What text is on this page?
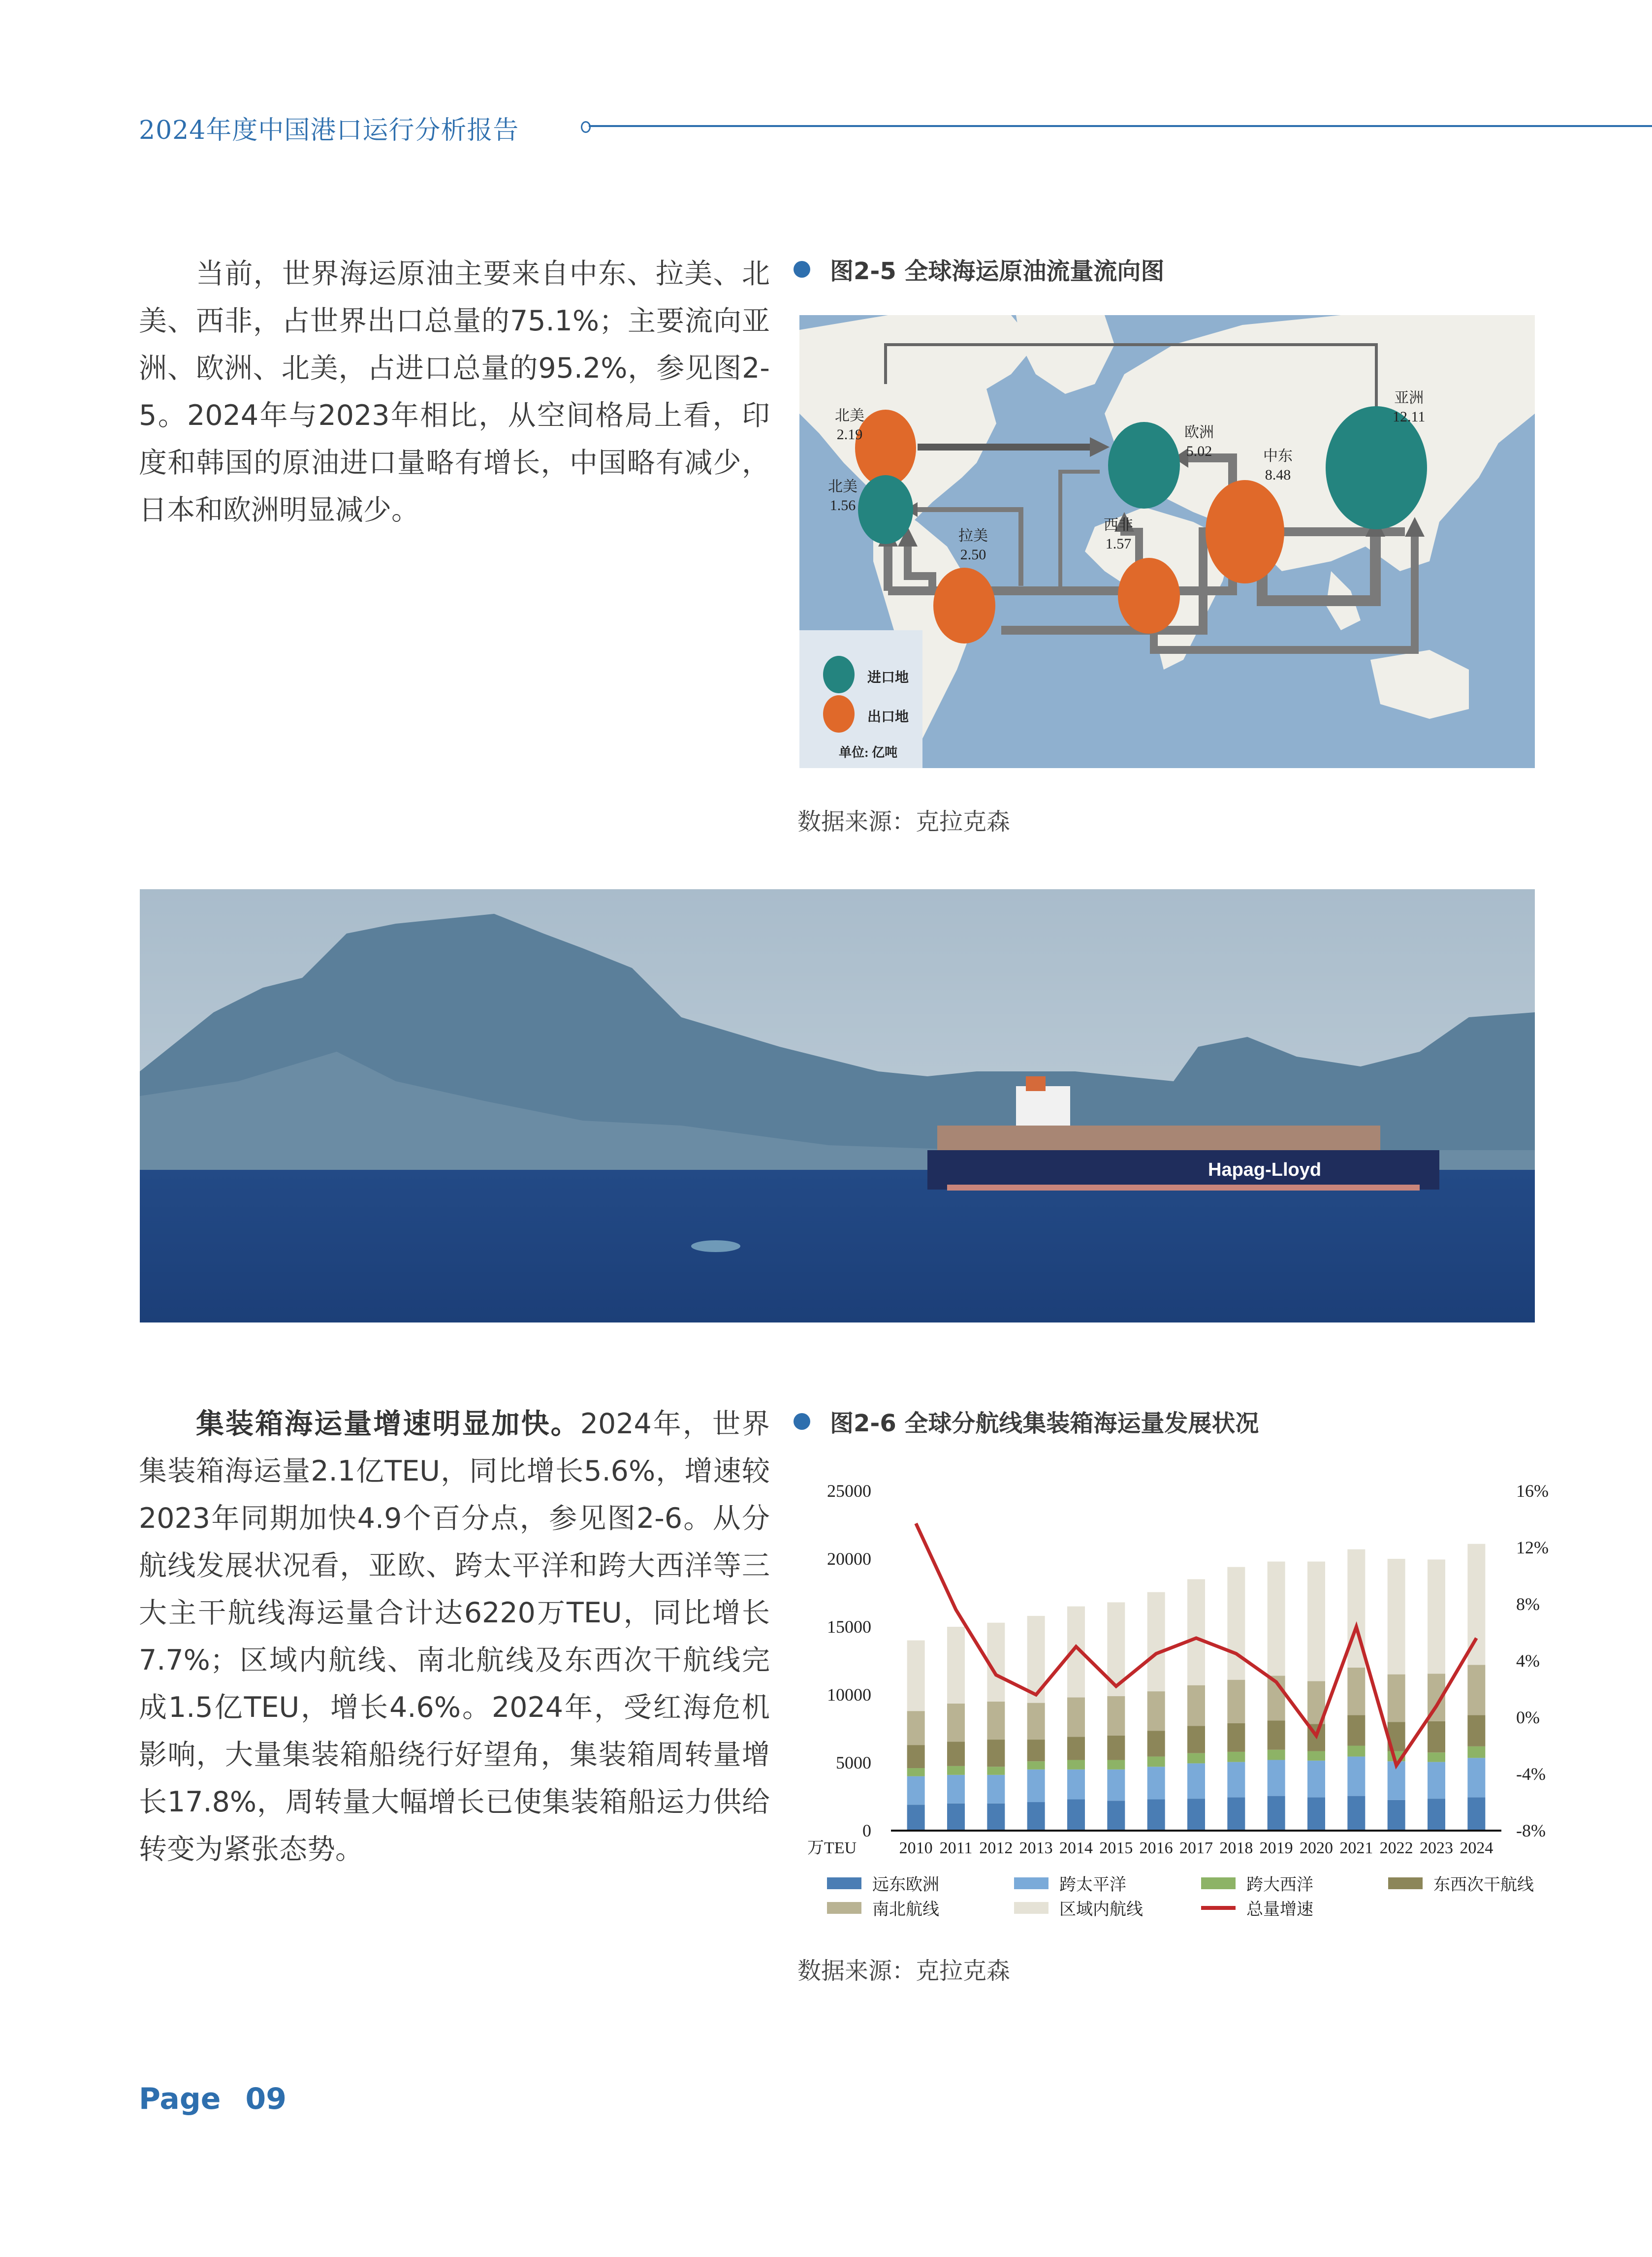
2024年度中国港口运行分析报告
当前，世界海运原油主要来自中东、拉美、北美、西非，占世界出口总量的75.1%；主要流向亚洲、欧洲、北美，占进口总量的95.2%，参见图2-5。2024年与2023年相比，从空间格局上看，印度和韩国的原油进口量略有增长，中国略有减少，日本和欧洲明显减少。
图2-5 全球海运原油流量流向图
北美
2.19
北美
1.56
欧洲
5.02
亚洲
12.11
中东
8.48
西非
1.57
拉美
2.50
进口地
出口地
单位: 亿吨
数据来源：克拉克森
Hapag-Lloyd
集装箱海运量增速明显加快。2024年，世界集装箱海运量2.1亿TEU，同比增长5.6%，增速较2023年同期加快4.9个百分点，参见图2-6。从分航线发展状况看，亚欧、跨太平洋和跨大西洋等三大主干航线海运量合计达6220万TEU，同比增长7.7%；区域内航线、南北航线及东西次干航线完成1.5亿TEU，增长4.6%。2024年，受红海危机影响，大量集装箱船绕行好望角，集装箱周转量增长17.8%，周转量大幅增长已使集装箱船运力供给转变为紧张态势。
图2-6 全球分航线集装箱海运量发展状况
0
5000
10000
15000
20000
25000
-8%
-4%
0%
4%
8%
12%
16%
2010 2011 2012 2013 2014 2015 2016 2017 2018 2019 2020 2021 2022 2023 2024
万TEU
远东欧洲	跨太平洋	跨大西洋	东西次干航线
南北航线	区域内航线	总量增速
数据来源：克拉克森
Page 09
